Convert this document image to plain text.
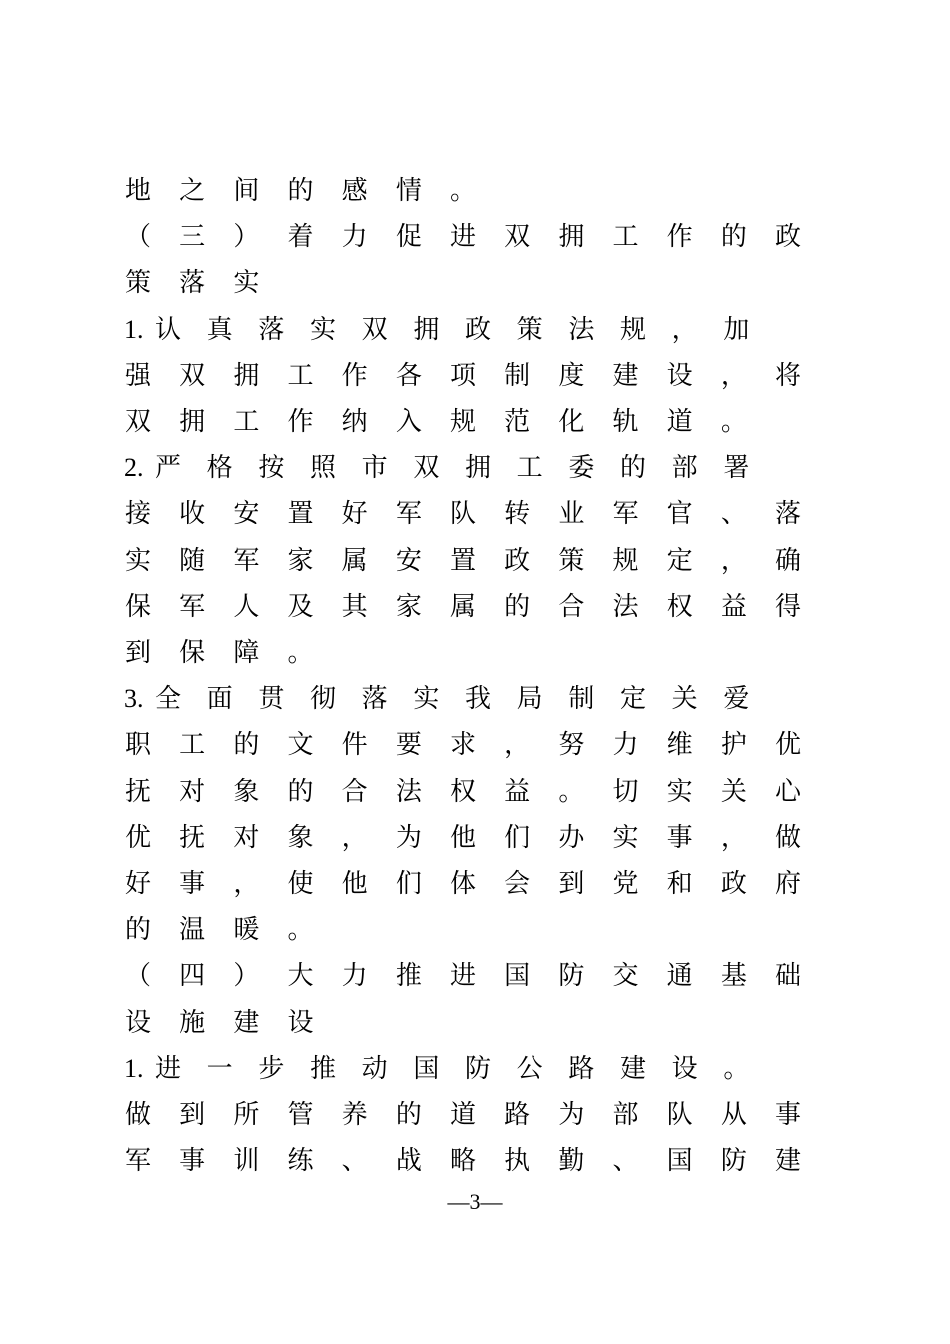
地 之 间 的 感 情 。
（ 三 ） 着 力 促 进 双 拥 工 作 的 政
策 落 实
1. 认 真 落 实 双 拥 政 策 法 规 ， 加
强 双 拥 工 作 各 项 制 度 建 设 ， 将
双 拥 工 作 纳 入 规 范 化 轨 道 。
2. 严 格 按 照 市 双 拥 工 委 的 部 署
接 收 安 置 好 军 队 转 业 军 官 、 落
实 随 军 家 属 安 置 政 策 规 定 ， 确
保 军 人 及 其 家 属 的 合 法 权 益 得
到 保 障 。
3. 全 面 贯 彻 落 实 我 局 制 定 关 爱
职 工 的 文 件 要 求 ， 努 力 维 护 优
抚 对 象 的 合 法 权 益 。 切 实 关 心
优 抚 对 象 ， 为 他 们 办 实 事 ， 做
好 事 ， 使 他 们 体 会 到 党 和 政 府
的 温 暖 。
（ 四 ） 大 力 推 进 国 防 交 通 基 础
设 施 建 设
1. 进 一 步 推 动 国 防 公 路 建 设 。
做 到 所 管 养 的 道 路 为 部 队 从 事
军 事 训 练 、 战 略 执 勤 、 国 防 建
—3—
